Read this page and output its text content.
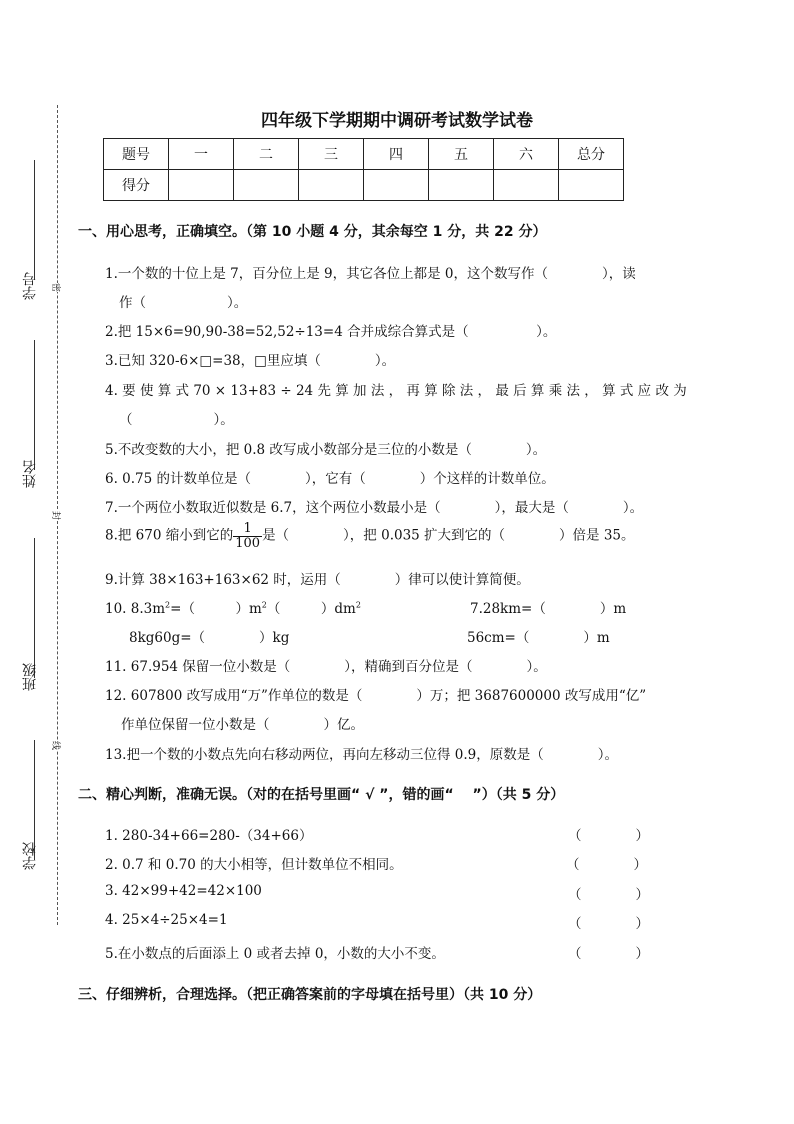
学号
姓名
班级
学校
密
封
线
四年级下学期期中调研考试数学试卷
题号	一	二	三	四	五	六	总分
得分							
一、用心思考，正确填空。（第 10 小题 4 分，其余每空 1 分，共 22 分）
1.一个数的十位上是 7，百分位上是 9，其它各位上都是 0，这个数写作（　　　　），读
作（　　　　　　）。
2.把 15×6=90,90-38=52,52÷13=4 合并成综合算式是（　　　　　）。
3.已知 320-6×□=38，□里应填（　　　　）。
4. 要 使 算 式 70 × 13+83 ÷ 24 先 算 加 法 ， 再 算 除 法 ， 最 后 算 乘 法 ， 算 式 应 改 为
（　　　　　　）。
5.不改变数的大小，把 0.8 改写成小数部分是三位的小数是（　　　　）。
6. 0.75 的计数单位是（　　　　），它有（　　　　）个这样的计数单位。
7.一个两位小数取近似数是 6.7，这个两位小数最小是（　　　　），最大是（　　　　）。
8.把 670 缩小到它的 $\frac{1}{100}$ 是（　　　　），把 0.035 扩大到它的（　　　　）倍是 35。
9.计算 38×163+163×62 时，运用（　　　　）律可以使计算简便。
10. $8.3m^2=$（　　　）$m^2$（　　　）$dm^2$	7.28km=（　　　　）m
8kg60g=（　　　　）kg	56cm=（　　　　）m
11. 67.954 保留一位小数是（　　　　），精确到百分位是（　　　　）。
12. 607800 改写成用“万”作单位的数是（　　　　）万；把 3687600000 改写成用“亿”
作单位保留一位小数是（　　　　）亿。
13.把一个数的小数点先向右移动两位，再向左移动三位得 0.9，原数是（　　　　）。
二、精心判断，准确无误。（对的在括号里画“ √ ”，错的画“　 ”）（共 5 分）
1. 280-34+66=280-（34+66）	（　　　　）
2. 0.7 和 0.70 的大小相等，但计数单位不相同。	（　　　　）
3. 42×99+42=42×100	（　　　　）
4. 25×4÷25×4=1	（　　　　）
5.在小数点的后面添上 0 或者去掉 0，小数的大小不变。	（　　　　）
三、仔细辨析，合理选择。（把正确答案前的字母填在括号里）（共 10 分）
